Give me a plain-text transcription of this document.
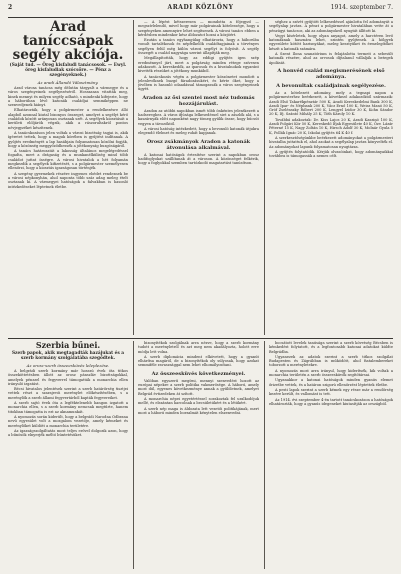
2	ARADI KÖZLÖNY	1914. szeptember 7.
Arad taníccsápak segély akciója.
(Saját tud. — Öreg kisfaludi tanácsosok. — Ewyl. öreg kisfaludiak szócsőre. — Pénz a szegényeknek.)
Az aradi Állandó Választmány.

Arad városa tanácsa még délután tárgyalt a vármegye és a város szegényeinek segélyezéséről. Hosszasan vitatták meg, kinek mennyi és milyen segély adható, s mindenki kifejezte, hogy a háborúban lévő katonák családjai semmiképpen ne szenvedjenek hiányt.

Elhatározták, hogy a polgármester a rendelkezésre álló alapból azonnal kiutal bizonyos összeget, amelyet a segélyt kérő családok között arányosan osztanak szét. A segélyek kiosztását a kerületi elöljárók végzik, akik a rászorultakról pontos névjegyzéket készítenek.

A tanácskozáson jelen voltak a városi bizottság tagjai is, akik ígéretet tettek, hogy a maguk körében is gyűjtést indítanak. A gyűjtés eredményét a lap hasábjain folyamatosan közölni fogják, hogy a közönség meggyőződhessék a jótékonyság buzgóságáról.

A tanács határozatát a lakosság általános megelégedéssel fogadta, mert a drágaság és a munkanélküliség mind több családot juttat ínségre. A városi hivatalok a hét folyamán megkezdik a segélyek kifizetését, s a polgármester személyesen ellenőrzi, hogy a kiosztás igazságosan történjék.

A szegény gyermekek részére ingyenes ebédet rendeznek be a városi népkonyhán, ahol naponta több száz adag meleg ételt osztanak ki. A vármegyei hatóságok a falvakban is hasonló intézkedéseket léptetnek életbe.

— A lépést kétszeresen — mondotta a főjegyző — megszívlelendő, mivel hogy már polgárainak kötelessége, hogy a szegényeken amennyire lehet segítsenek. A városi tanács ebben a kérdésben mindenkor kész áldozatot hozni a közjóért.

Ezután a tanács egyhangúlag elhatározta, hogy a háborúba vonult tartalékosok és népfelkelők családtagjainak a törvényes segélyen felül még külön városi segélyt is folyósít. A segély összegét a család nagysága szerint állapítják meg.

Megállapították, hogy az eddigi gyűjtés igen szép eredménnyel járt, mert a polgárság minden rétege szívesen adakozott. A kereskedők, az iparosok és a hivatalnokok egyaránt kivették részüket a jótékony munkából.

A tanácskozás végén a polgármester köszönetet mondott a jelenlevőknek buzgó fáradozásukért, és kérte őket, hogy a jövőben is hasonló odaadással támogassák a város szegényeinek ügyét.

Aradon az ősi szentei most néz tudomás hozzájárulást.

Aradon az utóbbi napokban ismét több önkéntes jelentkezett a hadsereghez. A város ifjúsága lelkesedéssel siet a zászlók alá, s a kaszárnyák előtt naponként nagy tömeg gyűlik össze, hogy búcsút vegyen a távozóktól.

A városi hatóság intézkedett, hogy a bevonuló katonák útjukra elegendő élelmet és meleg ruhát kapjanak.

Orosz zsákmányok Aradon a katonák átvonulása alkalmával.

A katonai hatóságok értesítése szerint a napokban orosz hadifoglyokat szállítanak át a városon. A közönséget felkérik, hogy a foglyokkal szemben tartózkodó magatartást tanúsítson.

séghez a szívét gyűjtött lelkesedéssel ajánlotta fel adományát a segélyalap javára. A pénzt a polgármester hivatalában vette át a pénzügyi tanácsos, aki az adományokról nyugtát állított ki.

Vegyi kísérletek, hogy olyan anyagot, amely a harctéren levő katonáknak hasznára lehet, szintén gyűjtenek. A hölgyek egyesülete kötött harisnyákat, meleg kesztyűket és érmelegítőket készít a katonák számára.

A Szent Ilona szanatórium is felajánlotta termeit a sebesült katonák részére, ahol az orvosok díjtalanul vállalják a betegek ápolását.

A honvéd család megismerésének első adománya.
A bevonultak családjainak segélyezése.

Az a kötelezett adomány, mely a tegnapi napon a polgármesterhez beérkezett, a következő adakozóktól származik: Aradi Első Takarékpénztár 500 K, Aradi Kereskedelmi Bank 300 K, Aradi Ipar- és Népbank 200 K, Vácz Ernő 100 K, Weisz Manó 50 K, Gróf Zselénszky Róbert 200 K, Lengyel Izidor 30 K, Kohn Sándor 20 K, Ifj. Szántó Mihály 25 K, Tóth Károly 10 K.

Továbbá adakoztak: Dr. Kiss Lajos 20 K, Aradi Kaszinó 100 K, Aradi Polgári Kör 50 K, Kereskedő Ifjak Egyesülete 40 K, Özv. Lázár Péterné 15 K, Nagy Zoltán 10 K, Hirsch Adolf 30 K, Molnár Gyula 5 K, Pollák Ignác 20 K, Iskolai gyűjtés 64 K 40 f.

A szerkesztőségünkbe beérkezett adományokat a polgármesteri hivatalba juttattuk el, ahol azokat a segélyalap javára könyvelték el. Az adományokat lapunk folyamatosan nyugtázza.

A gyűjtés folytatódik. Kérjük olvasóinkat, hogy adományaikkal továbbra is támogassák a nemes célt.

Szerbia bűnei.
Szerb papok, akik megtagadták hazájukat és a szerb kormány szolgálatába szegődtek.
Az orosz-szerb összeesküvés leleplezése.

A belgrádi szerb kormány már hosszú évek óta titkos összeköttetésben állott az orosz pánszláv bizottságokkal, amelyek pénzzel és fegyverrel támogatták a monarchia ellen irányuló izgatást.

Bécsi hivatalos jelentések szerint a szerb határőrség tisztjei vettek részt a szarajevói merénylet előkészítésében, s a merénylők a szerb állami fegyvertárból kapták fegyvereiket.

A szerb sajtó évek óta a legféktelenebb hangon izgatott a monarchia ellen, s a szerb kormány nemcsak megtűrte, hanem titokban támogatta is ezt az aknamunkát.

A nyomozás során kiderült, hogy a belgrádi Narodna Odbrana nevű egyesület volt a mozgalom vezetője, amely kémeket és merénylőket küldött a monarchia területére.

Az igazságszolgáltatás most teljes erővel dolgozik azon, hogy a bűnösök elnyerjék méltó büntetésüket.

bizonyítékok szolgálnak arra nézve, hogy a szerb kormány tudott a merényletről és azt meg nem akadályozta, holott erre módja lett volna.

A szerb diplomácia mindent elkövetett, hogy a gyanút elhárítsa magáról, de a bizonyítékok oly súlyosak, hogy azokat semmiféle ravaszsággal nem lehet elhomályosítani.

Az összeesküvés következményei.

Valóban egyszerű megírni, mennyi szenvedést hozott az európai népekre a szerb politika vakmerősége. A háború, amely most dúl, egyenes következménye annak a gyűlöletnek, amelyet Belgrád évtizedeken át szított.

A monarchia népei egyetértéssel sorakoztak fel uralkodójuk mellé, és elszántan harcolnak a becsületükért és a létükért.

A szerb nép maga is áldozata lett vezetői politikájának, mert most a háború minden borzalmát kénytelen elszenvedni.

bocsátott levelek tanúsága szerint a szerb követség Bécsben is kémkedést folytatott, és a legfontosabb katonai adatokat küldte Belgrádba.

Ugyanezek az adatok szerint a szerb titkos szolgálat Budapesten és Zágrábban is működött, ahol fiatalembereket toborzott a merényletekre.

A nyomozás most arra irányul, hogy kiderítsék, kik voltak a monarchia területén a szerb összeesküvők segítőtársai.

Ugyanakkor a katonai hatóságok minden gyanús elemet őrizetbe vettek, és a határon szigorú ellenőrzést léptettek életbe.

A pesti lapok szerint a szerb kémek egy része már a rendőrség kezére került, és vallomást is tett.

Az 1914. évi szeptember 4-én tartott tanácskozáson a hatóságok elhatározták, hogy a gyanús idegeneket kiutasítják az országból.
